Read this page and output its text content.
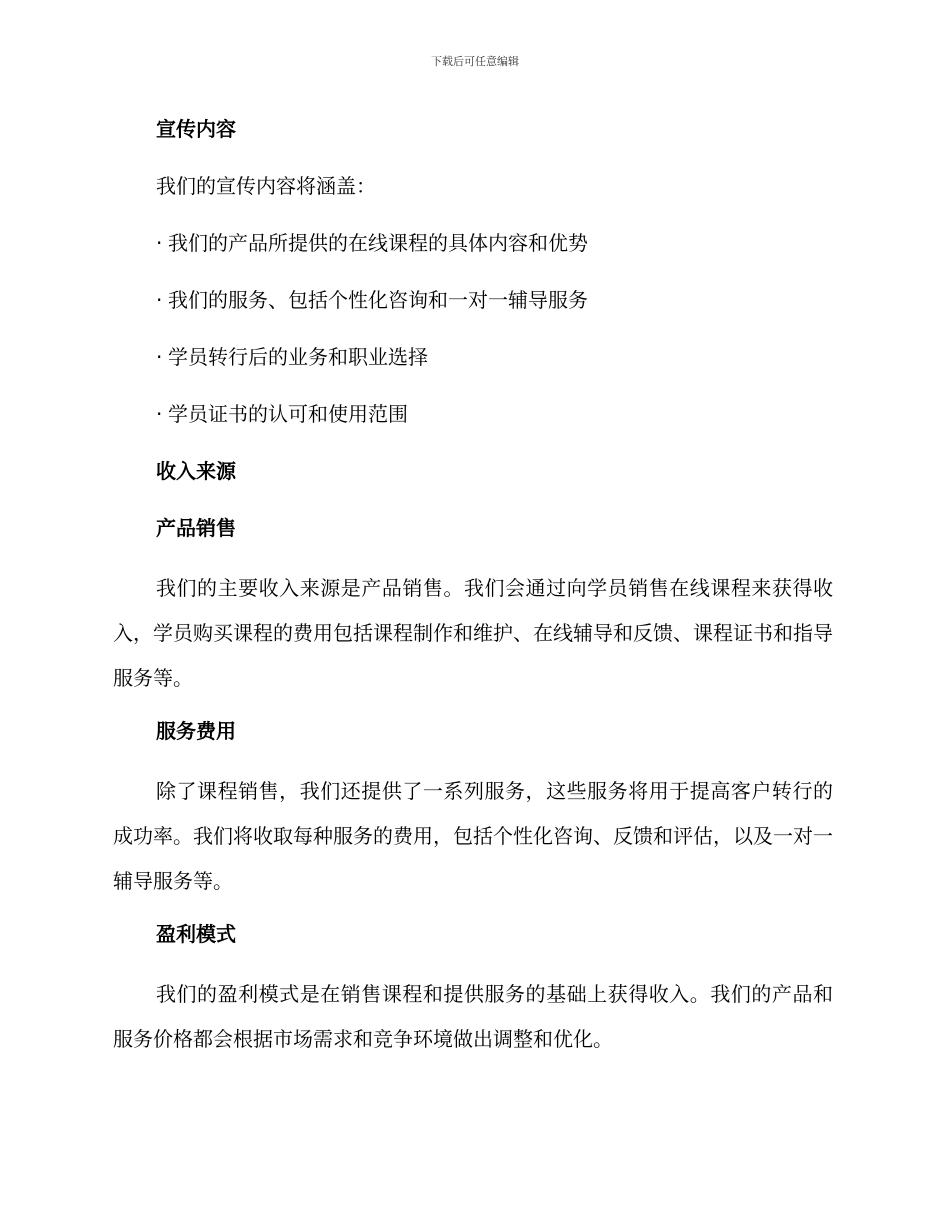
下载后可任意编辑
宣传内容
我们的宣传内容将涵盖：
· 我们的产品所提供的在线课程的具体内容和优势
· 我们的服务、包括个性化咨询和一对一辅导服务
· 学员转行后的业务和职业选择
· 学员证书的认可和使用范围
收入来源
产品销售

我们的主要收入来源是产品销售。我们会通过向学员销售在线课程来获得收入，学员购买课程的费用包括课程制作和维护、在线辅导和反馈、课程证书和指导服务等。

服务费用

除了课程销售，我们还提供了一系列服务，这些服务将用于提高客户转行的成功率。我们将收取每种服务的费用，包括个性化咨询、反馈和评估，以及一对一辅导服务等。

盈利模式

我们的盈利模式是在销售课程和提供服务的基础上获得收入。我们的产品和服务价格都会根据市场需求和竞争环境做出调整和优化。
